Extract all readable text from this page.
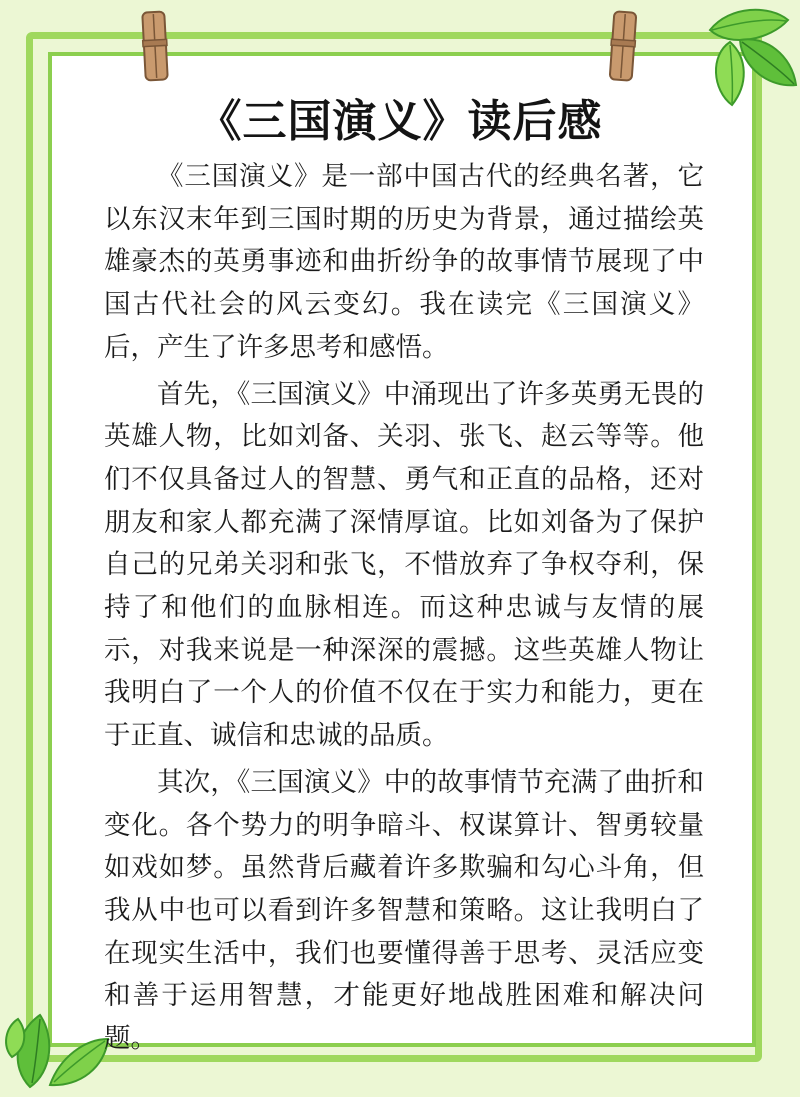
《三国演义》读后感

《三国演义》是一部中国古代的经典名著，它以东汉末年到三国时期的历史为背景，通过描绘英雄豪杰的英勇事迹和曲折纷争的故事情节展现了中国古代社会的风云变幻。我在读完《三国演义》后，产生了许多思考和感悟。

首先，《三国演义》中涌现出了许多英勇无畏的英雄人物，比如刘备、关羽、张飞、赵云等等。他们不仅具备过人的智慧、勇气和正直的品格，还对朋友和家人都充满了深情厚谊。比如刘备为了保护自己的兄弟关羽和张飞，不惜放弃了争权夺利，保持了和他们的血脉相连。而这种忠诚与友情的展示，对我来说是一种深深的震撼。这些英雄人物让我明白了一个人的价值不仅在于实力和能力，更在于正直、诚信和忠诚的品质。

其次，《三国演义》中的故事情节充满了曲折和变化。各个势力的明争暗斗、权谋算计、智勇较量如戏如梦。虽然背后藏着许多欺骗和勾心斗角，但我从中也可以看到许多智慧和策略。这让我明白了在现实生活中，我们也要懂得善于思考、灵活应变和善于运用智慧，才能更好地战胜困难和解决问题。
